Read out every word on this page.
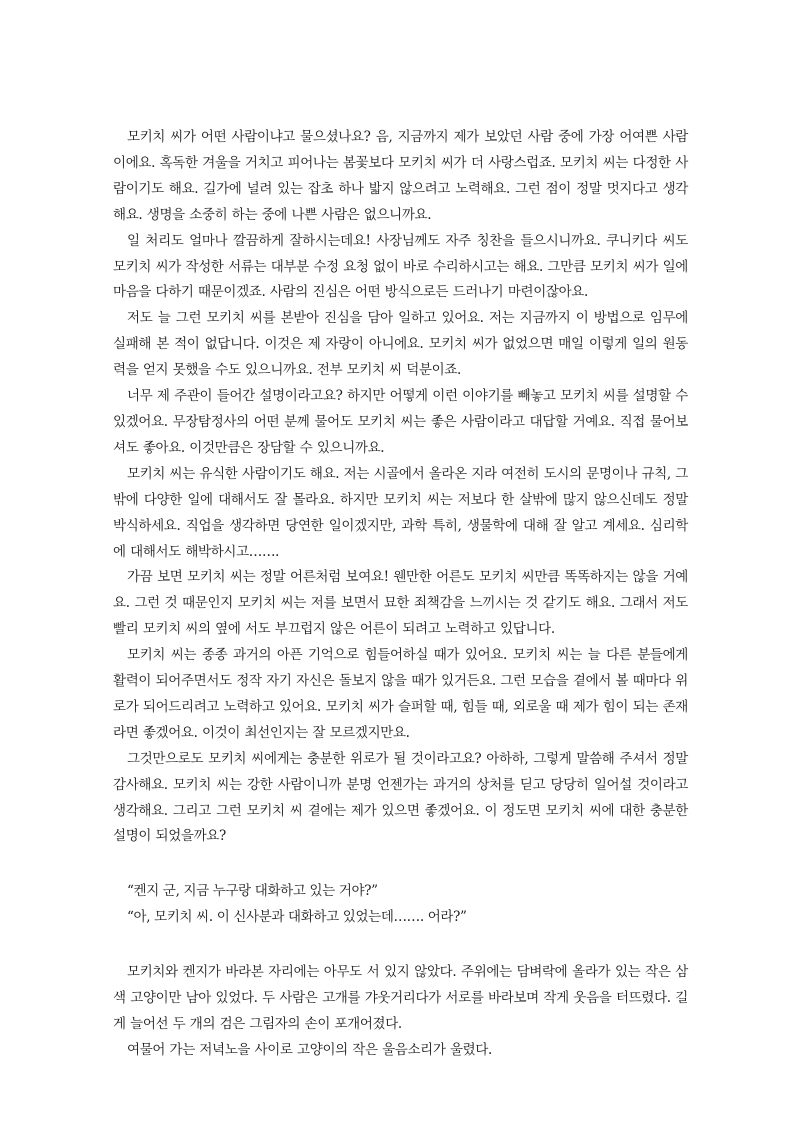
모키치 씨가 어떤 사람이냐고 물으셨나요? 음, 지금까지 제가 보았던 사람 중에 가장 어여쁜 사람이에요. 혹독한 겨울을 거치고 피어나는 봄꽃보다 모키치 씨가 더 사랑스럽죠. 모키치 씨는 다정한 사람이기도 해요. 길가에 널려 있는 잡초 하나 밟지 않으려고 노력해요. 그런 점이 정말 멋지다고 생각해요. 생명을 소중히 하는 중에 나쁜 사람은 없으니까요.

일 처리도 얼마나 깔끔하게 잘하시는데요! 사장님께도 자주 칭찬을 들으시니까요. 쿠니키다 씨도 모키치 씨가 작성한 서류는 대부분 수정 요청 없이 바로 수리하시고는 해요. 그만큼 모키치 씨가 일에 마음을 다하기 때문이겠죠. 사람의 진심은 어떤 방식으로든 드러나기 마련이잖아요.

저도 늘 그런 모키치 씨를 본받아 진심을 담아 일하고 있어요. 저는 지금까지 이 방법으로 임무에 실패해 본 적이 없답니다. 이것은 제 자랑이 아니에요. 모키치 씨가 없었으면 매일 이렇게 일의 원동력을 얻지 못했을 수도 있으니까요. 전부 모키치 씨 덕분이죠.

너무 제 주관이 들어간 설명이라고요? 하지만 어떻게 이런 이야기를 빼놓고 모키치 씨를 설명할 수 있겠어요. 무장탐정사의 어떤 분께 물어도 모키치 씨는 좋은 사람이라고 대답할 거예요. 직접 물어보셔도 좋아요. 이것만큼은 장담할 수 있으니까요.

모키치 씨는 유식한 사람이기도 해요. 저는 시골에서 올라온 지라 여전히 도시의 문명이나 규칙, 그밖에 다양한 일에 대해서도 잘 몰라요. 하지만 모키치 씨는 저보다 한 살밖에 많지 않으신데도 정말 박식하세요. 직업을 생각하면 당연한 일이겠지만, 과학 특히, 생물학에 대해 잘 알고 계세요. 심리학에 대해서도 해박하시고…….

가끔 보면 모키치 씨는 정말 어른처럼 보여요! 웬만한 어른도 모키치 씨만큼 똑똑하지는 않을 거예요. 그런 것 때문인지 모키치 씨는 저를 보면서 묘한 죄책감을 느끼시는 것 같기도 해요. 그래서 저도 빨리 모키치 씨의 옆에 서도 부끄럽지 않은 어른이 되려고 노력하고 있답니다.

모키치 씨는 종종 과거의 아픈 기억으로 힘들어하실 때가 있어요. 모키치 씨는 늘 다른 분들에게 활력이 되어주면서도 정작 자기 자신은 돌보지 않을 때가 있거든요. 그런 모습을 곁에서 볼 때마다 위로가 되어드리려고 노력하고 있어요. 모키치 씨가 슬퍼할 때, 힘들 때, 외로울 때 제가 힘이 되는 존재라면 좋겠어요. 이것이 최선인지는 잘 모르겠지만요.

그것만으로도 모키치 씨에게는 충분한 위로가 될 것이라고요? 아하하, 그렇게 말씀해 주셔서 정말 감사해요. 모키치 씨는 강한 사람이니까 분명 언젠가는 과거의 상처를 딛고 당당히 일어설 것이라고 생각해요. 그리고 그런 모키치 씨 곁에는 제가 있으면 좋겠어요. 이 정도면 모키치 씨에 대한 충분한 설명이 되었을까요?

“켄지 군, 지금 누구랑 대화하고 있는 거야?”

“아, 모키치 씨. 이 신사분과 대화하고 있었는데……. 어라?”

모키치와 켄지가 바라본 자리에는 아무도 서 있지 않았다. 주위에는 담벼락에 올라가 있는 작은 삼색 고양이만 남아 있었다. 두 사람은 고개를 갸웃거리다가 서로를 바라보며 작게 웃음을 터뜨렸다. 길게 늘어선 두 개의 검은 그림자의 손이 포개어졌다.

여물어 가는 저녁노을 사이로 고양이의 작은 울음소리가 울렸다.
